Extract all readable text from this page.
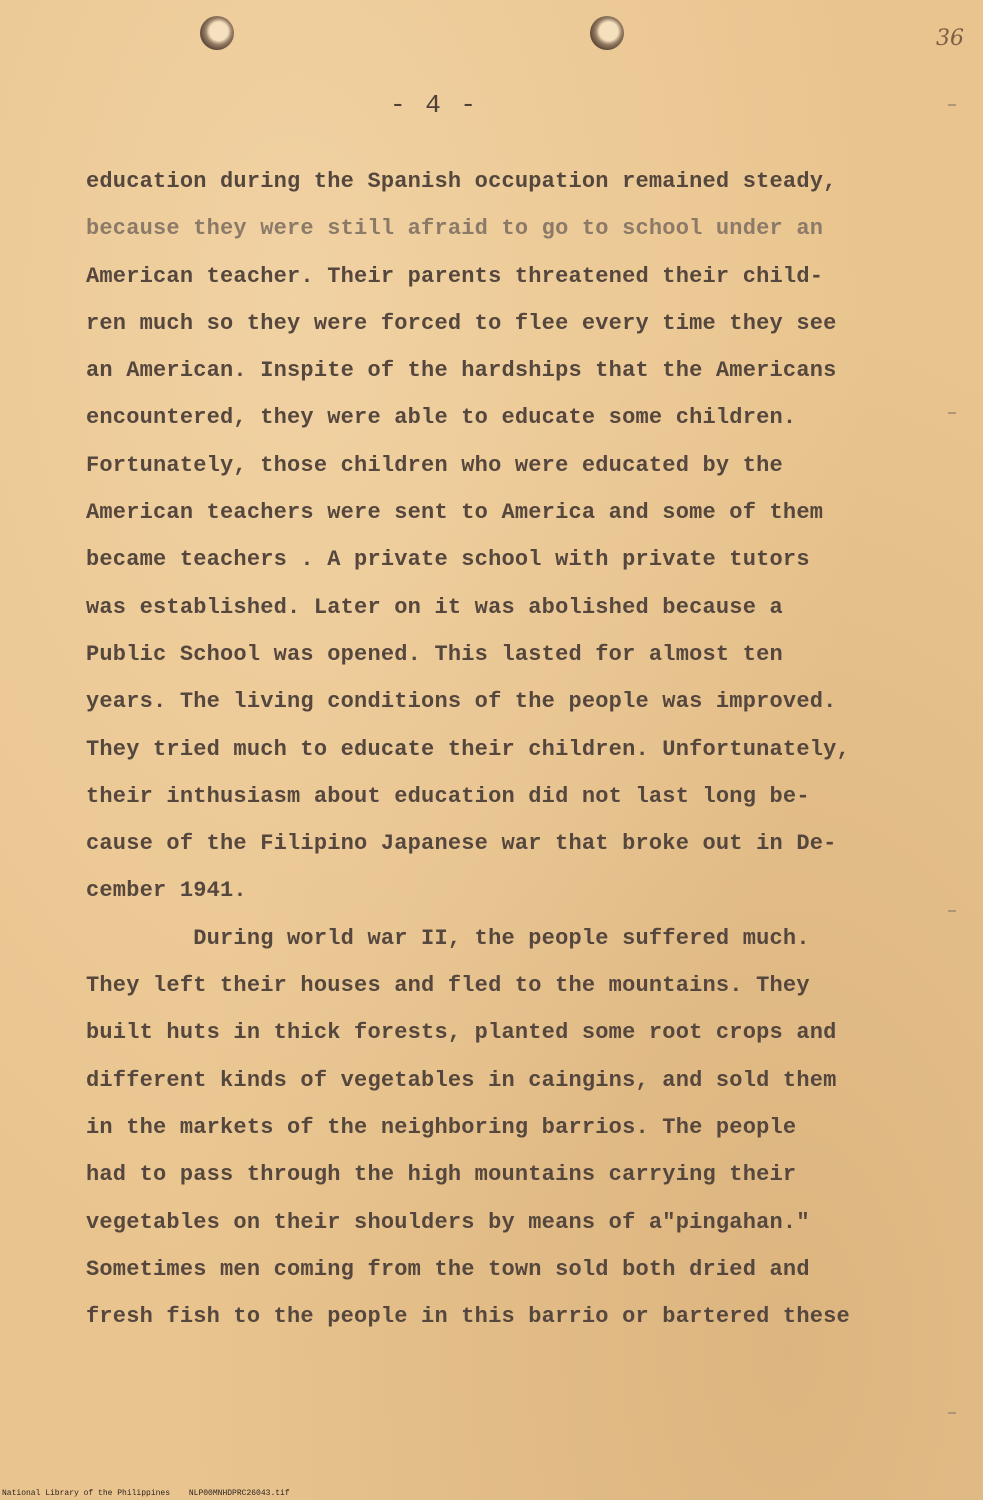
36
- 4 -
education during the Spanish occupation remained steady,
because they were still afraid to go to school under an
American teacher. Their parents threatened their child-
ren much so they were forced to flee every time they see
an American. Inspite of the hardships that the Americans
encountered, they were able to educate some children.
Fortunately, those children who were educated by the
American teachers were sent to America and some of them
became teachers . A private school with private tutors
was established. Later on it was abolished because a
Public School was opened. This lasted for almost ten
years. The living conditions of the people was improved.
They tried much to educate their children. Unfortunately,
their inthusiasm about education did not last long be-
cause of the Filipino Japanese war that broke out in De-
cember 1941.
During world war II, the people suffered much.
They left their houses and fled to the mountains. They
built huts in thick forests, planted some root crops and
different kinds of vegetables in caingins, and sold them
in the markets of the neighboring barrios. The people
had to pass through the high mountains carrying their
vegetables on their shoulders by means of a"pingahan."
Sometimes men coming from the town sold both dried and
fresh fish to the people in this barrio or bartered these
National Library of the Philippines NLP00MNHDPRC26043.tif
